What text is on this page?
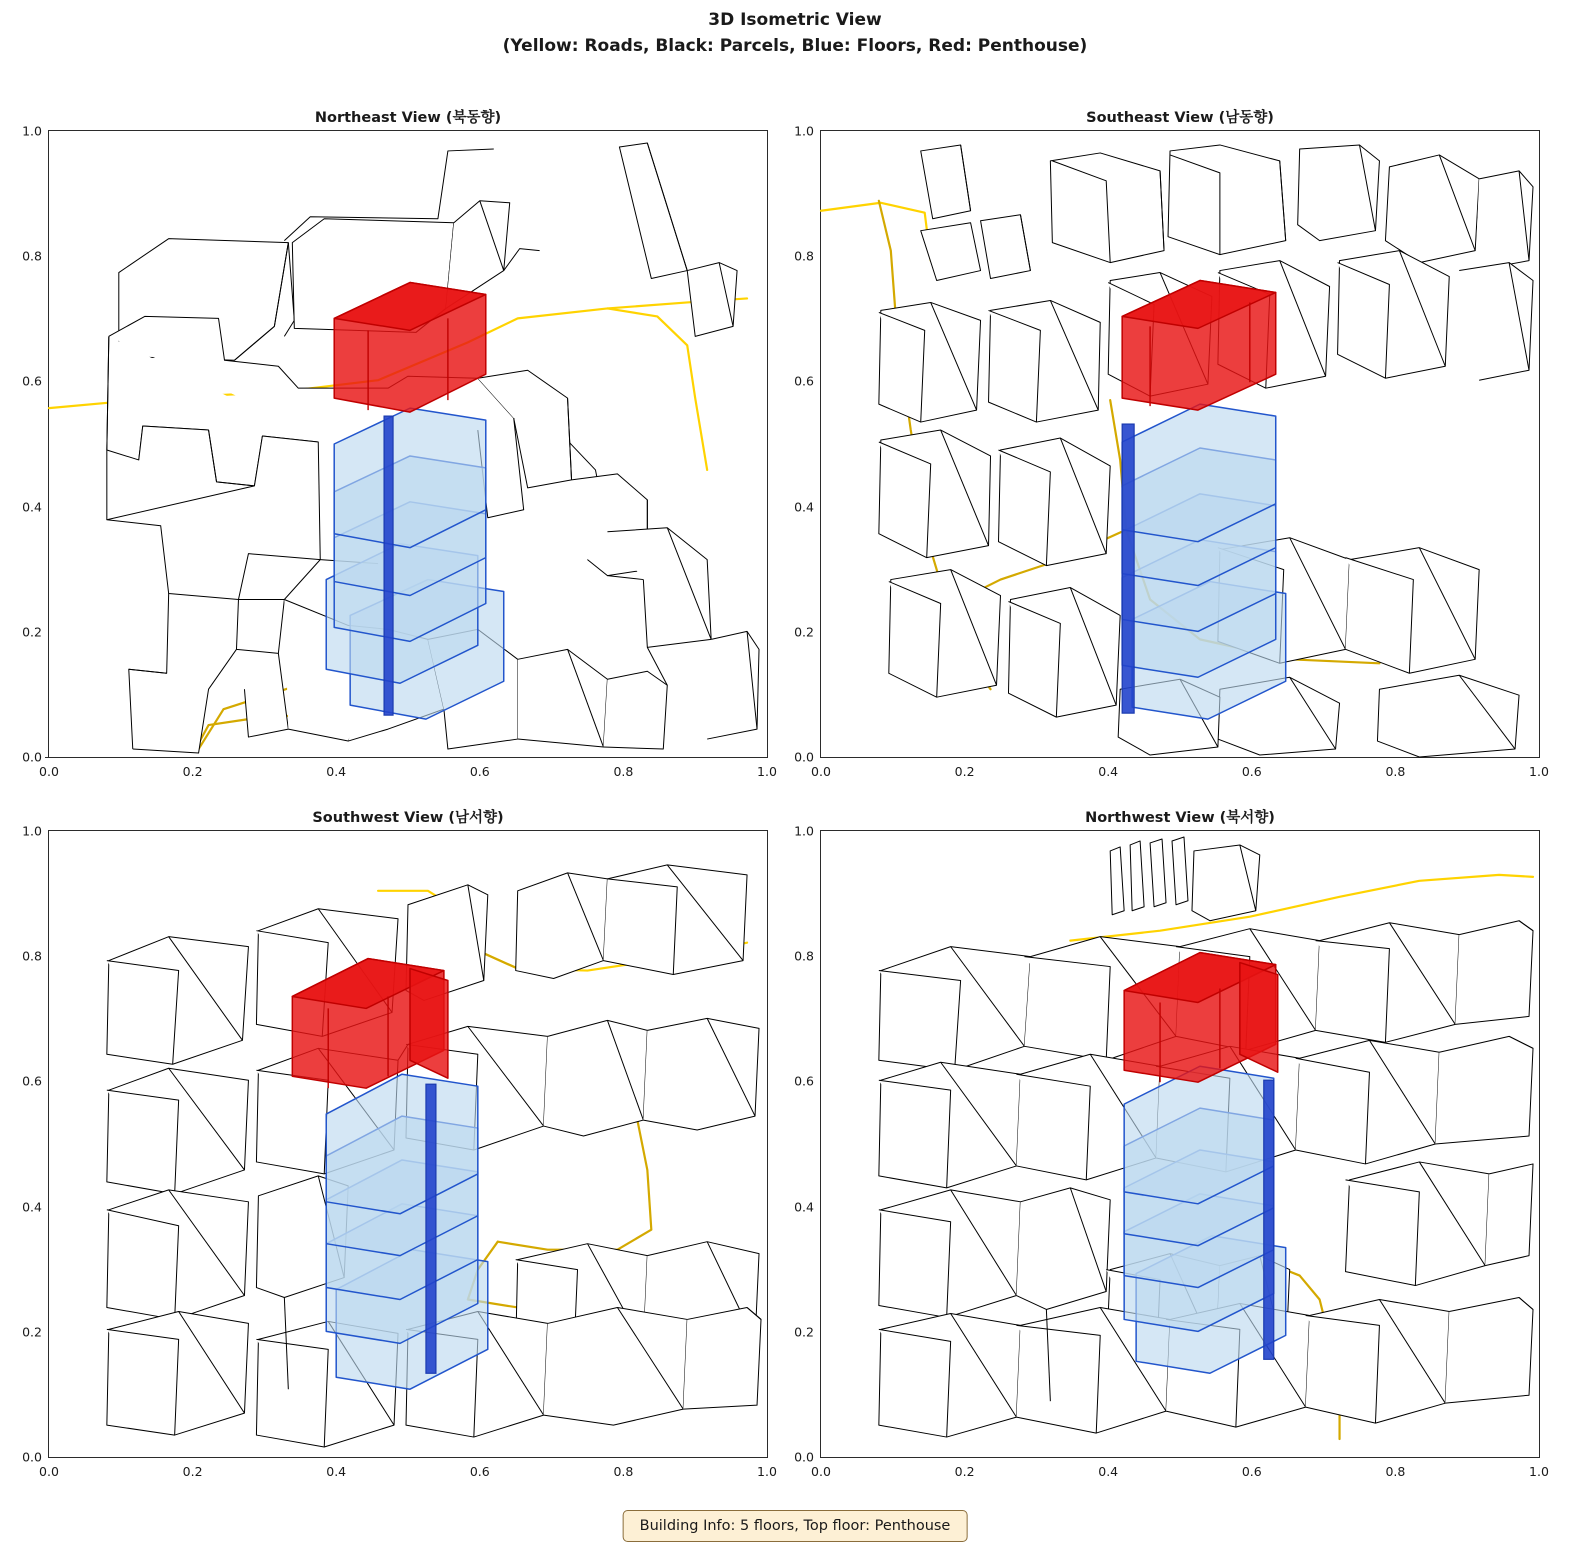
3D Isometric View
(Yellow: Roads, Black: Parcels, Blue: Floors, Red: Penthouse)
Northeast View (북동향)
0.0
0.2
0.4
0.6
0.8
1.0
0.0	0.2	0.4	0.6	0.8	1.0
Southeast View (남동향)
0.0
0.2
0.4
0.6
0.8
1.0
0.0	0.2	0.4	0.6	0.8	1.0
Southwest View (남서향)
0.0
0.2
0.4
0.6
0.8
1.0
0.0	0.2	0.4	0.6	0.8	1.0
Northwest View (북서향)
0.0
0.2
0.4
0.6
0.8
1.0
0.0	0.2	0.4	0.6	0.8	1.0
Building Info: 5 floors, Top floor: Penthouse
